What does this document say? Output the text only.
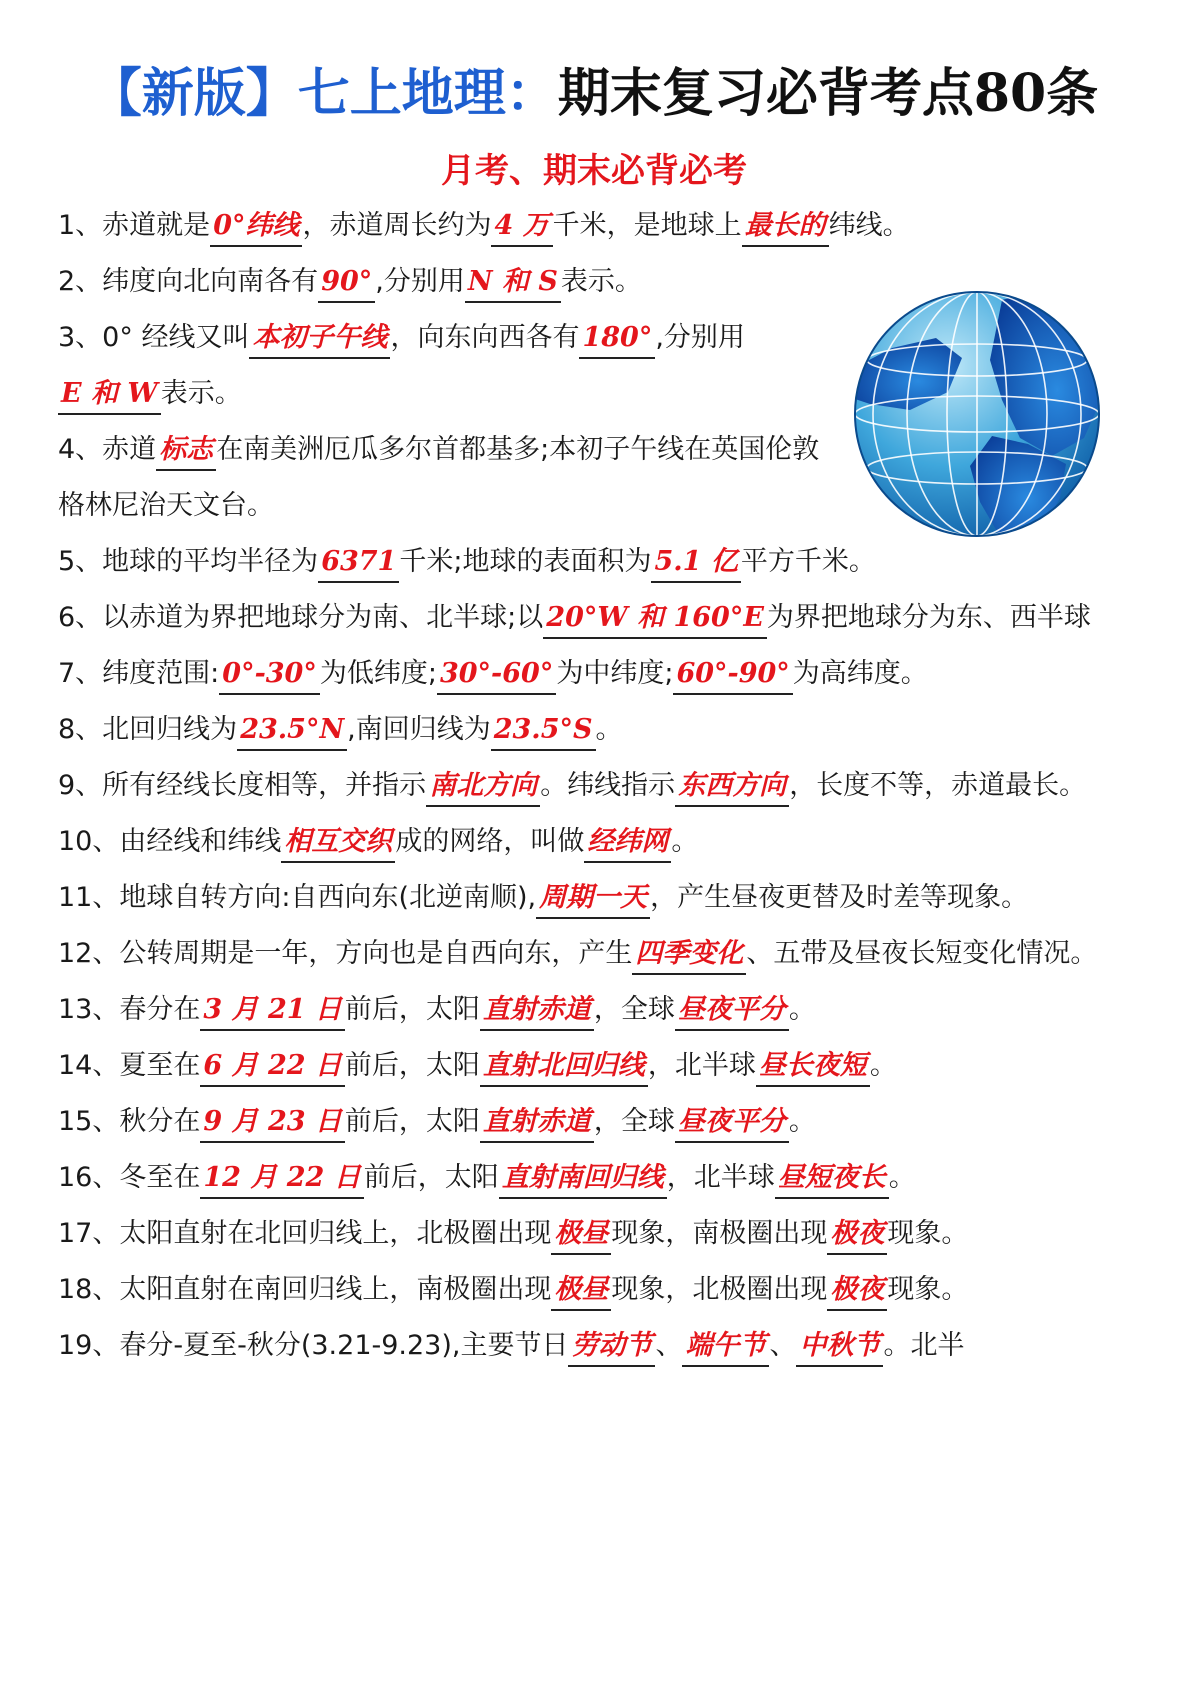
【新版】七上地理：期末复习必背考点80条
月考、期末必背必考
1、赤道就是 0°纬线 ，赤道周长约为 4 万 千米，是地球上 最长的 纬线。
2、纬度向北向南各有 90° ,分别用 N 和 S 表示。
3、0° 经线又叫 本初子午线 ，向东向西各有 180° ,分别用E 和 W 表示。
4、赤道 标志 在南美洲厄瓜多尔首都基多;本初子午线在英国伦敦格林尼治天文台。
5、地球的平均半径为 6371 千米;地球的表面积为 5.1 亿 平方千米。
6、以赤道为界把地球分为南、北半球;以 20°W 和 160°E 为界把地球分为东、西半球
7、纬度范围: 0°-30° 为低纬度; 30°-60° 为中纬度; 60°-90° 为高纬度。
8、北回归线为 23.5°N ,南回归线为 23.5°S 。
9、所有经线长度相等，并指示 南北方向 。纬线指示 东西方向 ，长度不等，赤道最长。
10、由经线和纬线 相互交织 成的网络，叫做 经纬网 。
11、地球自转方向:自西向东(北逆南顺), 周期一天 ，产生昼夜更替及时差等现象。
12、公转周期是一年，方向也是自西向东，产生 四季变化 、五带及昼夜长短变化情况。
13、春分在 3 月 21 日 前后，太阳 直射赤道 ，全球 昼夜平分 。
14、夏至在 6 月 22 日 前后，太阳 直射北回归线 ，北半球 昼长夜短 。
15、秋分在 9 月 23 日 前后，太阳 直射赤道 ，全球 昼夜平分 。
16、冬至在 12 月 22 日 前后，太阳 直射南回归线 ，北半球 昼短夜长 。
17、太阳直射在北回归线上，北极圈出现 极昼 现象，南极圈出现 极夜 现象。
18、太阳直射在南回归线上，南极圈出现 极昼 现象，北极圈出现 极夜 现象。
19、春分-夏至-秋分(3.21-9.23),主要节日 劳动节 、 端午节 、 中秋节 。北半
